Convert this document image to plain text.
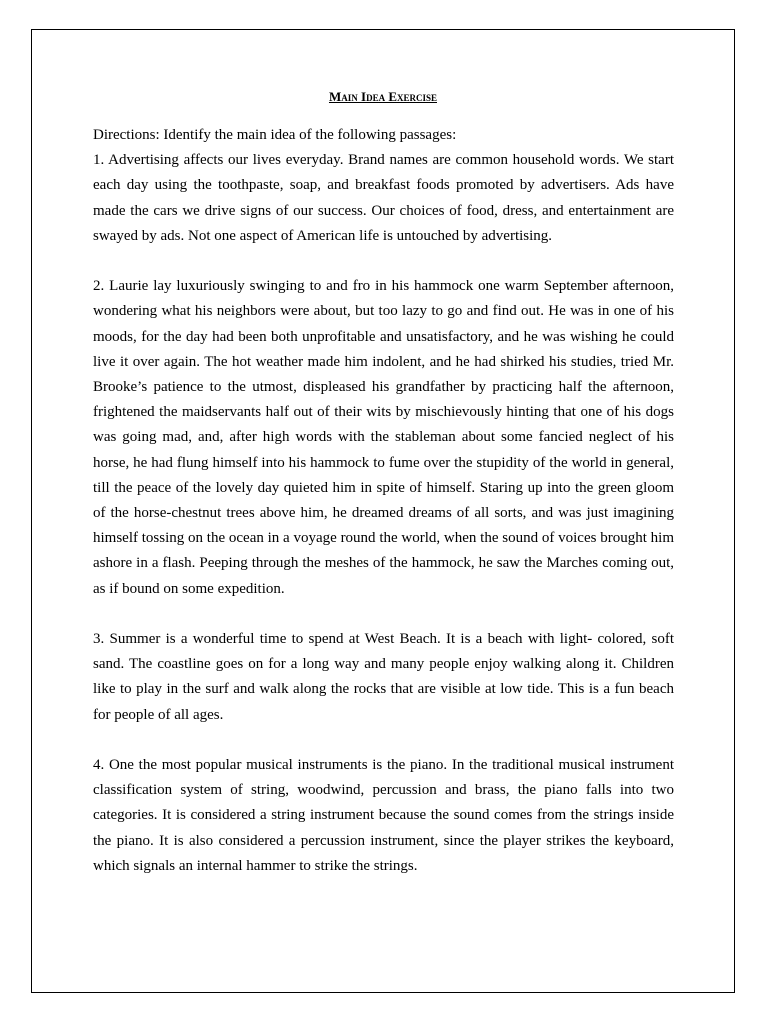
Main Idea Exercise

Directions: Identify the main idea of the following passages:

1. Advertising affects our lives everyday. Brand names are common household words. We start each day using the toothpaste, soap, and breakfast foods promoted by advertisers. Ads have made the cars we drive signs of our success. Our choices of food, dress, and entertainment are swayed by ads. Not one aspect of American life is untouched by advertising.

2. Laurie lay luxuriously swinging to and fro in his hammock one warm September afternoon, wondering what his neighbors were about, but too lazy to go and find out. He was in one of his moods, for the day had been both unprofitable and unsatisfactory, and he was wishing he could live it over again. The hot weather made him indolent, and he had shirked his studies, tried Mr. Brooke’s patience to the utmost, displeased his grandfather by practicing half the afternoon, frightened the maidservants half out of their wits by mischievously hinting that one of his dogs was going mad, and, after high words with the stableman about some fancied neglect of his horse, he had flung himself into his hammock to fume over the stupidity of the world in general, till the peace of the lovely day quieted him in spite of himself. Staring up into the green gloom of the horse-chestnut trees above him, he dreamed dreams of all sorts, and was just imagining himself tossing on the ocean in a voyage round the world, when the sound of voices brought him ashore in a flash. Peeping through the meshes of the hammock, he saw the Marches coming out, as if bound on some expedition.

3. Summer is a wonderful time to spend at West Beach. It is a beach with light- colored, soft sand. The coastline goes on for a long way and many people enjoy walking along it. Children like to play in the surf and walk along the rocks that are visible at low tide. This is a fun beach for people of all ages.

4. One the most popular musical instruments is the piano. In the traditional musical instrument classification system of string, woodwind, percussion and brass, the piano falls into two categories. It is considered a string instrument because the sound comes from the strings inside the piano. It is also considered a percussion instrument, since the player strikes the keyboard, which signals an internal hammer to strike the strings.
